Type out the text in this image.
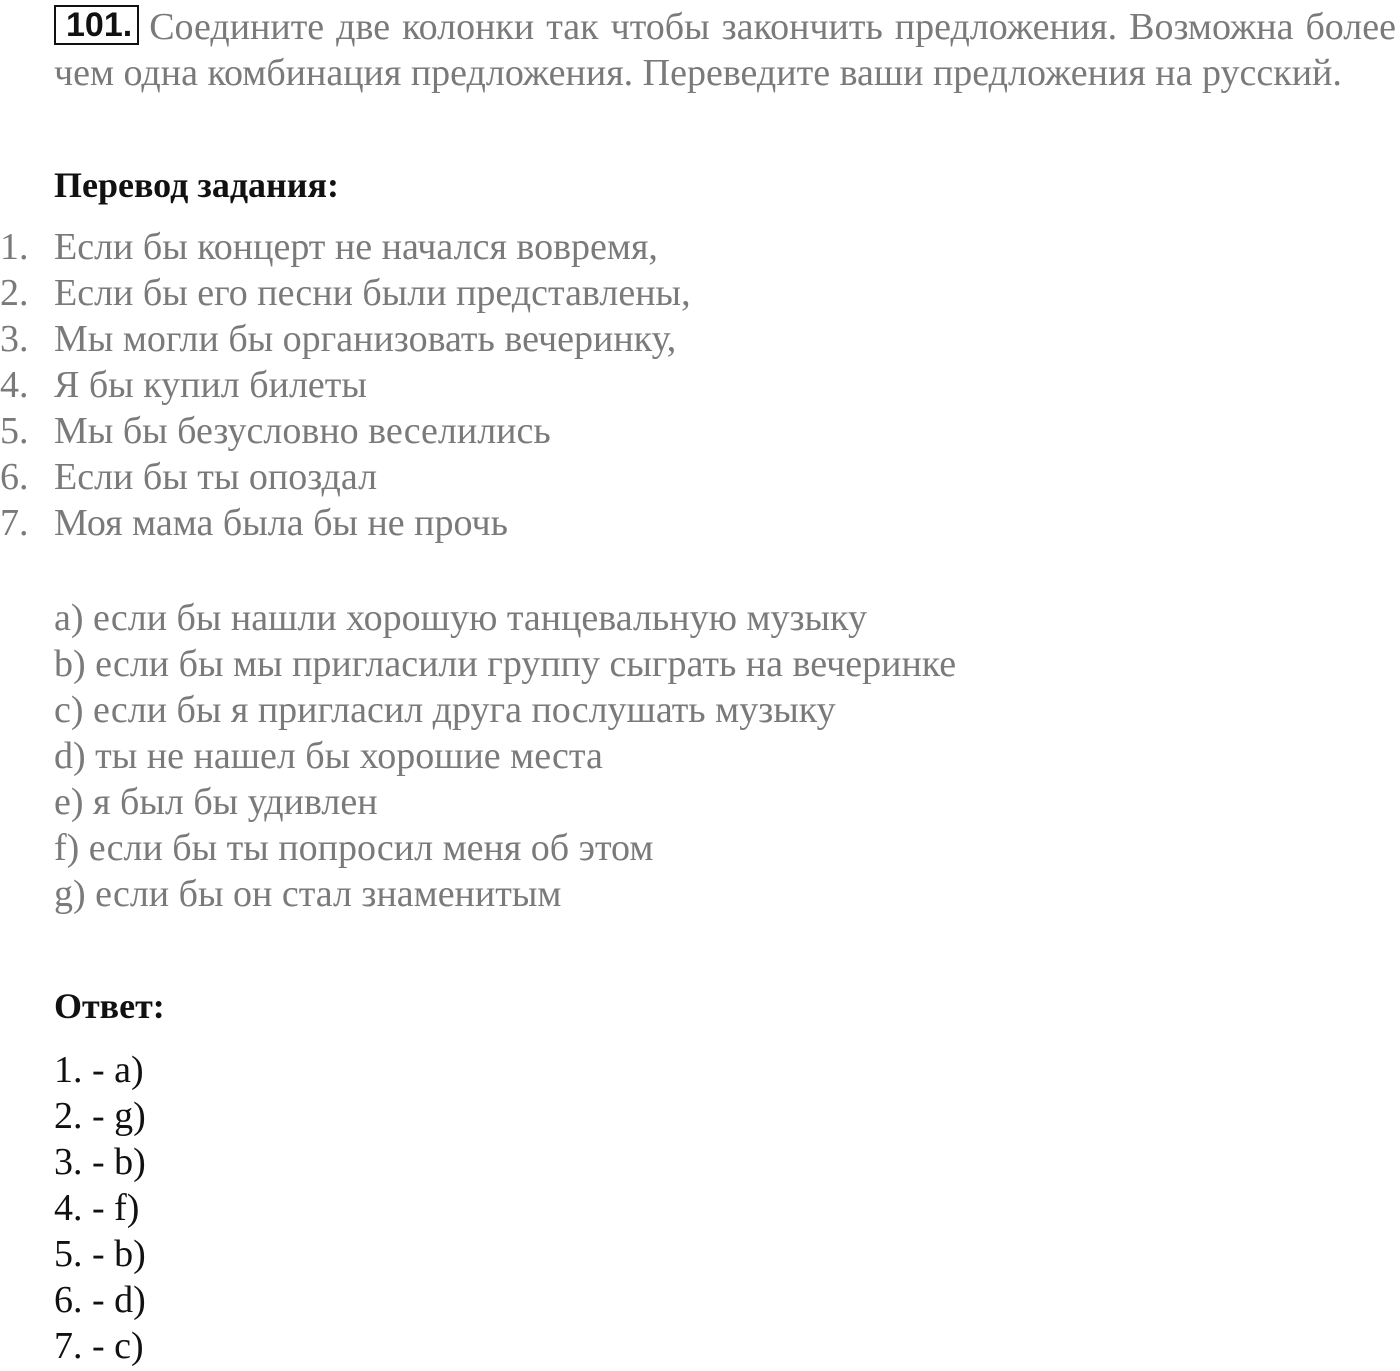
101. Соедините две колонки так чтобы закончить предложения. Возможна более чем одна комбинация предложения. Переведите ваши предложения на русский.
Перевод задания:
1. Если бы концерт не начался вовремя,
2. Если бы его песни были представлены,
3. Мы могли бы организовать вечеринку,
4. Я бы купил билеты
5. Мы бы безусловно веселились
6. Если бы ты опоздал
7. Моя мама была бы не прочь
a) если бы нашли хорошую танцевальную музыку
b) если бы мы пригласили группу сыграть на вечеринке
c) если бы я пригласил друга послушать музыку
d) ты не нашел бы хорошие места
e) я был бы удивлен
f) если бы ты попросил меня об этом
g) если бы он стал знаменитым
Ответ:
1. - a)
2. - g)
3. - b)
4. - f)
5. - b)
6. - d)
7. - c)
